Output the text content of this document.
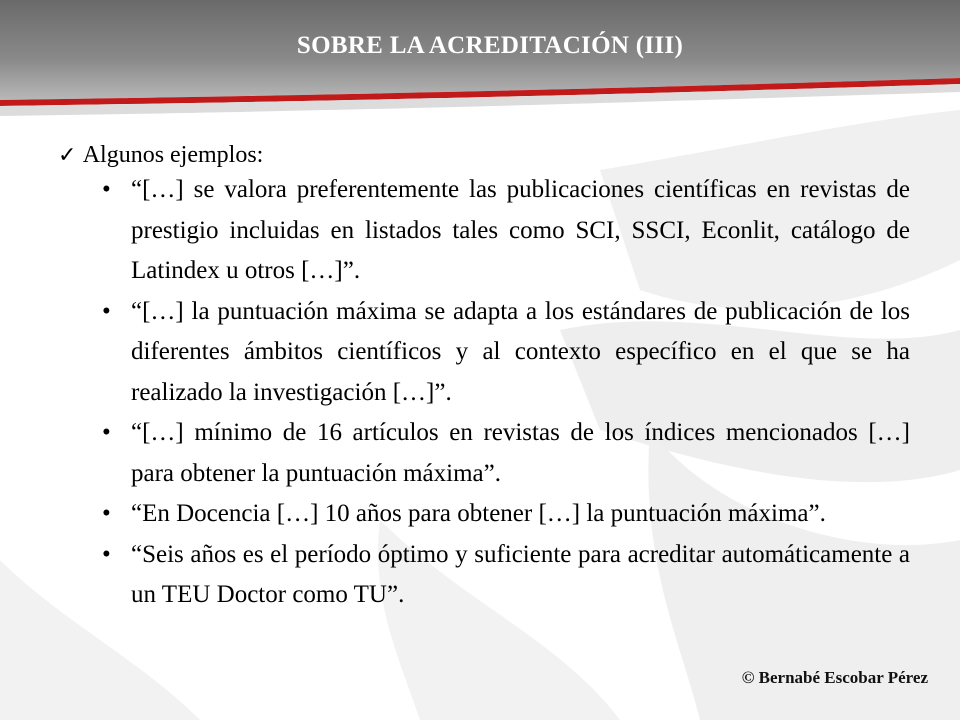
SOBRE LA ACREDITACIÓN (III)
✓ Algunos ejemplos:
• “[…] se valora preferentemente las publicaciones científicas en revistas de prestigio incluidas en listados tales como SCI, SSCI, Econlit, catálogo de Latindex u otros […]”.
• “[…] la puntuación máxima se adapta a los estándares de publicación de los diferentes ámbitos científicos y al contexto específico en el que se ha realizado la investigación […]”.
• “[…] mínimo de 16 artículos en revistas de los índices mencionados […] para obtener la puntuación máxima”.
• “En Docencia […] 10 años para obtener […] la puntuación máxima”.
• “Seis años es el período óptimo y suficiente para acreditar automáticamente a un TEU Doctor como TU”.
© Bernabé Escobar Pérez
